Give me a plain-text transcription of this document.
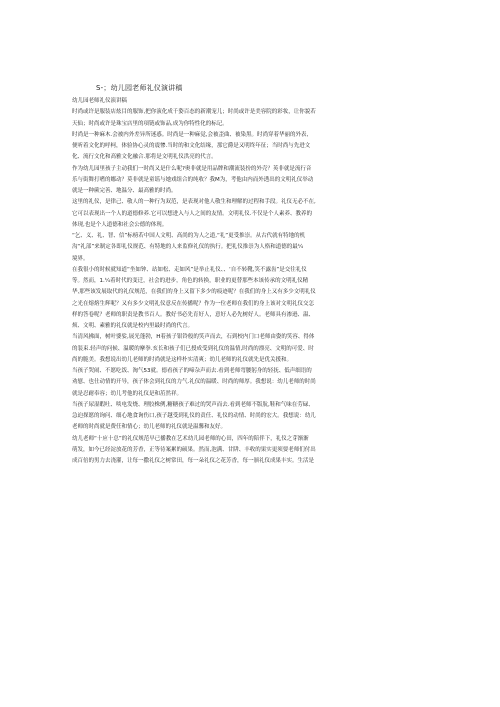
S-；幼儿园老师礼仪演讲稿
幼儿园老师礼仪演讲稿
时尚或许是服装店炫目的服饰,把你演化成千姿百态的新潮宠儿；时尚或许是美容院的彩妆，让你貌若
天仙；时尚或许是珠宝店里的项链或饰品,成为你特性化的标记。
时尚是一种麻木.会被内外差异所迷惑。时尚是一种麻觉,会被歪曲、被染黑。时尚穿着华丽的外表,
便听着文化的呼柯，体验协心灵的震惨.当时的和文化结缘，那它爵是又明终年征；当时尚与先进文
化、流行文化和高雅文化融合.那将是文明礼仪洪亮的代言。
作为幼儿园里孩子主动我们一时尚又是什么呢?奥非就是用品牌和潮流装扮的外壳？英非就是流行音
乐与街舞打嗜的娜动？莫非就是童谣与她戏组合的纯收？我M为，考他由内而外透出的文明礼仪举动
就是一种蕨完善、地温分、最高雅的时尚。
这里的礼仪，是律己、敬人的一种行为双范，是表现对他人敬生和理解的过程和手段。礼仪无必不在,
它可以表现出一个人的道德修养.它可以想进入与人之间的友情。文明礼仪.不仅是个人素养、教养的
体现,也是个人道德和社会公德的体现。
“乞、义、礼、智、信”标榜若中国人文明、高尚的为人之道,“礼”更受推崇。从古代就有特地的机
沟“礼部”来制定各即礼仪规范、有特地的人来监修礼仪的执行。把礼仪推崇为人格和道德的最¼
境界。
在我很小的时候就知道“坐如钟、站如松、走如风”是举止礼仪、、‘自不转靴,笑不露齿”是交往礼仪
等。然而，1.¼着时代的变迁，社会的进步，角色的转换，职业的更替那些本该传承的文明礼仪精
华,那些该发展取代的礼仪规范，在我们的身上又留下多少的痕迹呢？在我们的身上又有多少文明礼仪
之光在熔熔生辉呢？又有多少文明礼仪意反在传播呢？作为一位老师在我们的身上该对文明礼仪交怎
样的答卷呢？老师的职责是教书百人。教好书必先育好人，意好人必先树好人。老师具有渗逊、温、
烦、文明、素雅的礼仪就是校内里最时尚的代言。
当清风拂面，树叶婆娑,展光蓬勃，H着孩子银铃般的笑声而去，石到校内门口老师由姿的笑容、得体
的装束.轻声的问候、温暖的摩拳.亥长和孩子们已授成受到礼仪的温情,时尚的漂亮、文明的可爱、时
尚的脆美。我想说出幼儿老师的时尚就是这样朴实清爽；幼儿老师的礼仪就先是优关援和。
当孩子哭闹、不愿吃饭、淘气53就。德看孩子的啼杂声而去.看到老师弯腰躬身的轻抚、低声细语的
劝慰、也仕动情的开导，孩子体会到礼仪的力气.礼仪的温暖、时尚的师厚。我想说：幼儿老师的时尚
就是忍耐奉容；幼儿考他的礼仪是和茁然祥。
当孩子尿湿暇吐、啖电发烧、理胶株例,糖糖孩子难过的哭声而去.看到老师不版肮,鞋和气味在劳碌、
急迫探愿的询问、细心地食询伤口,孩子越受到礼仪的责任、礼仪的动情、时尚的宏大。我想说：幼儿
老师的时尚就是费任和情心；幼儿老师的礼仪就是温馨和友好。
幼儿老师“十应十总”的礼仪规范早已播教在艺术幼儿园老师的心田，四年的陪伴下，礼仪之芽渐渐
萌发，如今已经淀放花的芳香，正等待案累的硕果。然而,泡满、甘阱、丰收的果实更须要老师们付出
成百倍的男力去浇灌，让每一撒礼仪之树常田，每一朵礼仪之花芳香，每一颁礼仪成果丰实。生活是
